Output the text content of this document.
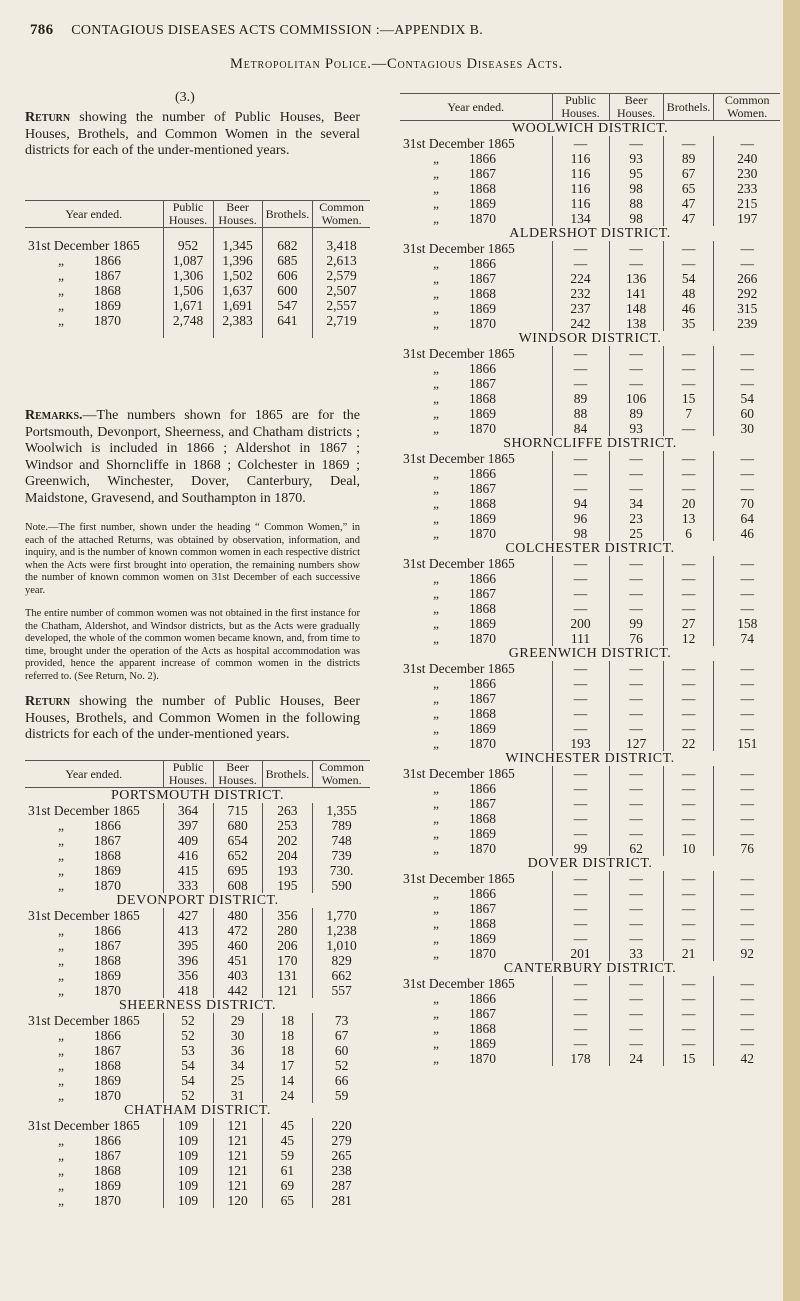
786 CONTAGIOUS DISEASES ACTS COMMISSION :—APPENDIX B.
Metropolitan Police.—Contagious Diseases Acts.
(3.)
Return showing the number of Public Houses, Beer Houses, Brothels, and Common Women in the several districts for each of the under-mentioned years.
Year ended.	Public Houses.	Beer Houses.	Brothels.	Common Women.

31st December 1865	952	1,345	682	3,418
„ 1866	1,087	1,396	685	2,613
„ 1867	1,306	1,502	606	2,579
„ 1868	1,506	1,637	600	2,507
„ 1869	1,671	1,691	547	2,557
„ 1870	2,748	2,383	641	2,719

Remarks.—The numbers shown for 1865 are for the Portsmouth, Devonport, Sheerness, and Chatham districts ; Woolwich is included in 1866 ; Aldershot in 1867 ; Windsor and Shorncliffe in 1868 ; Colchester in 1869 ; Greenwich, Winchester, Dover, Canterbury, Deal, Maidstone, Gravesend, and Southampton in 1870.
Note.—The first number, shown under the heading “ Common Women,” in each of the attached Returns, was obtained by observation, information, and inquiry, and is the number of known common women in each respective district when the Acts were first brought into operation, the remaining numbers show the number of known common women on 31st December of each successive year.
The entire number of common women was not obtained in the first instance for the Chatham, Aldershot, and Windsor districts, but as the Acts were gradually developed, the whole of the common women became known, and, from time to time, brought under the operation of the Acts as hospital accommodation was provided, hence the apparent increase of common women in the districts referred to. (See Return, No. 2).
Return showing the number of Public Houses, Beer Houses, Brothels, and Common Women in the following districts for each of the under-mentioned years.
Year ended.	Public Houses.	Beer Houses.	Brothels.	Common Women.
PORTSMOUTH DISTRICT.				
31st December 1865	364	715	263	1,355
„ 1866	397	680	253	789
„ 1867	409	654	202	748
„ 1868	416	652	204	739
„ 1869	415	695	193	730.
„ 1870	333	608	195	590
DEVONPORT DISTRICT.				
31st December 1865	427	480	356	1,770
„ 1866	413	472	280	1,238
„ 1867	395	460	206	1,010
„ 1868	396	451	170	829
„ 1869	356	403	131	662
„ 1870	418	442	121	557
SHEERNESS DISTRICT.				
31st December 1865	52	29	18	73
„ 1866	52	30	18	67
„ 1867	53	36	18	60
„ 1868	54	34	17	52
„ 1869	54	25	14	66
„ 1870	52	31	24	59
CHATHAM DISTRICT.				
31st December 1865	109	121	45	220
„ 1866	109	121	45	279
„ 1867	109	121	59	265
„ 1868	109	121	61	238
„ 1869	109	121	69	287
„ 1870	109	120	65	281
Year ended.	Public Houses.	Beer Houses.	Brothels.	Common Women.
WOOLWICH DISTRICT.				
31st December 1865	—	—	—	—
„ 1866	116	93	89	240
„ 1867	116	95	67	230
„ 1868	116	98	65	233
„ 1869	116	88	47	215
„ 1870	134	98	47	197
ALDERSHOT DISTRICT.				
31st December 1865	—	—	—	—
„ 1866	—	—	—	—
„ 1867	224	136	54	266
„ 1868	232	141	48	292
„ 1869	237	148	46	315
„ 1870	242	138	35	239
WINDSOR DISTRICT.				
31st December 1865	—	—	—	—
„ 1866	—	—	—	—
„ 1867	—	—	—	—
„ 1868	89	106	15	54
„ 1869	88	89	7	60
„ 1870	84	93	—	30
SHORNCLIFFE DISTRICT.				
31st December 1865	—	—	—	—
„ 1866	—	—	—	—
„ 1867	—	—	—	—
„ 1868	94	34	20	70
„ 1869	96	23	13	64
„ 1870	98	25	6	46
COLCHESTER DISTRICT.				
31st December 1865	—	—	—	—
„ 1866	—	—	—	—
„ 1867	—	—	—	—
„ 1868	—	—	—	—
„ 1869	200	99	27	158
„ 1870	111	76	12	74
GREENWICH DISTRICT.				
31st December 1865	—	—	—	—
„ 1866	—	—	—	—
„ 1867	—	—	—	—
„ 1868	—	—	—	—
„ 1869	—	—	—	—
„ 1870	193	127	22	151
WINCHESTER DISTRICT.				
31st December 1865	—	—	—	—
„ 1866	—	—	—	—
„ 1867	—	—	—	—
„ 1868	—	—	—	—
„ 1869	—	—	—	—
„ 1870	99	62	10	76
DOVER DISTRICT.				
31st December 1865	—	—	—	—
„ 1866	—	—	—	—
„ 1867	—	—	—	—
„ 1868	—	—	—	—
„ 1869	—	—	—	—
„ 1870	201	33	21	92
CANTERBURY DISTRICT.				
31st December 1865	—	—	—	—
„ 1866	—	—	—	—
„ 1867	—	—	—	—
„ 1868	—	—	—	—
„ 1869	—	—	—	—
„ 1870	178	24	15	42
